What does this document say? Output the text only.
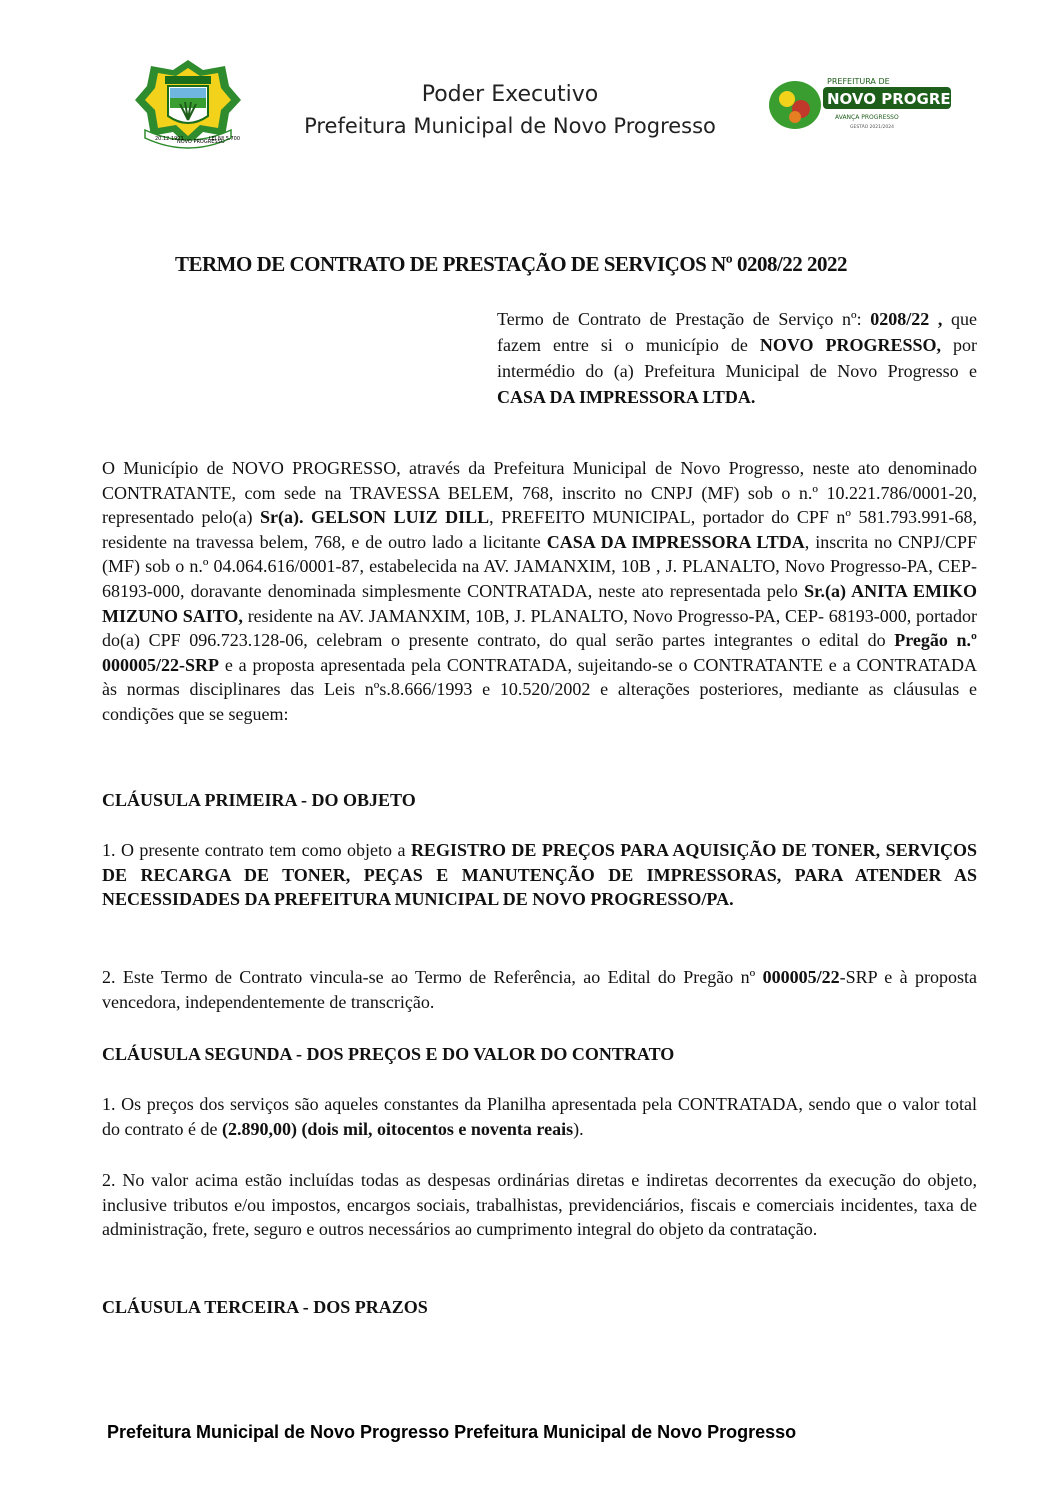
20.12.1991
NOVO PROGRESSO
LEI Nº 5.700
Poder Executivo
Prefeitura Municipal de Novo Progresso
PREFEITURA DE
NOVO PROGRESSO
AVANÇA PROGRESSO
GESTÃO 2021/2024
TERMO DE CONTRATO DE PRESTAÇÃO DE SERVIÇOS Nº 0208/22 2022
Termo de Contrato de Prestação de Serviço nº: 0208/22 , que fazem entre si o município de NOVO PROGRESSO, por intermédio do (a) Prefeitura Municipal de Novo Progresso e CASA DA IMPRESSORA LTDA.
O Município de NOVO PROGRESSO, através da Prefeitura Municipal de Novo Progresso, neste ato denominado CONTRATANTE, com sede na TRAVESSA BELEM, 768, inscrito no CNPJ (MF) sob o n.º 10.221.786/0001-20, representado pelo(a) Sr(a). GELSON LUIZ DILL, PREFEITO MUNICIPAL, portador do CPF nº 581.793.991-68, residente na travessa belem, 768, e de outro lado a licitante CASA DA IMPRESSORA LTDA, inscrita no CNPJ/CPF (MF) sob o n.º 04.064.616/0001-87, estabelecida na AV. JAMANXIM, 10B , J. PLANALTO, Novo Progresso-PA, CEP-68193-000, doravante denominada simplesmente CONTRATADA, neste ato representada pelo Sr.(a) ANITA EMIKO MIZUNO SAITO, residente na AV. JAMANXIM, 10B, J. PLANALTO, Novo Progresso-PA, CEP- 68193-000, portador do(a) CPF 096.723.128-06, celebram o presente contrato, do qual serão partes integrantes o edital do Pregão n.º 000005/22-SRP e a proposta apresentada pela CONTRATADA, sujeitando-se o CONTRATANTE e a CONTRATADA às normas disciplinares das Leis nºs.8.666/1993 e 10.520/2002 e alterações posteriores, mediante as cláusulas e condições que se seguem:
CLÁUSULA PRIMEIRA - DO OBJETO
1. O presente contrato tem como objeto a REGISTRO DE PREÇOS PARA AQUISIÇÃO DE TONER, SERVIÇOS DE RECARGA DE TONER, PEÇAS E MANUTENÇÃO DE IMPRESSORAS, PARA ATENDER AS NECESSIDADES DA PREFEITURA MUNICIPAL DE NOVO PROGRESSO/PA.
2. Este Termo de Contrato vincula-se ao Termo de Referência, ao Edital do Pregão nº 000005/22-SRP e à proposta vencedora, independentemente de transcrição.
CLÁUSULA SEGUNDA - DOS PREÇOS E DO VALOR DO CONTRATO
1. Os preços dos serviços são aqueles constantes da Planilha apresentada pela CONTRATADA, sendo que o valor total do contrato é de (2.890,00) (dois mil, oitocentos e noventa reais).
2. No valor acima estão incluídas todas as despesas ordinárias diretas e indiretas decorrentes da execução do objeto, inclusive tributos e/ou impostos, encargos sociais, trabalhistas, previdenciários, fiscais e comerciais incidentes, taxa de administração, frete, seguro e outros necessários ao cumprimento integral do objeto da contratação.
CLÁUSULA TERCEIRA - DOS PRAZOS
Prefeitura Municipal de Novo Progresso Prefeitura Municipal de Novo Progresso
